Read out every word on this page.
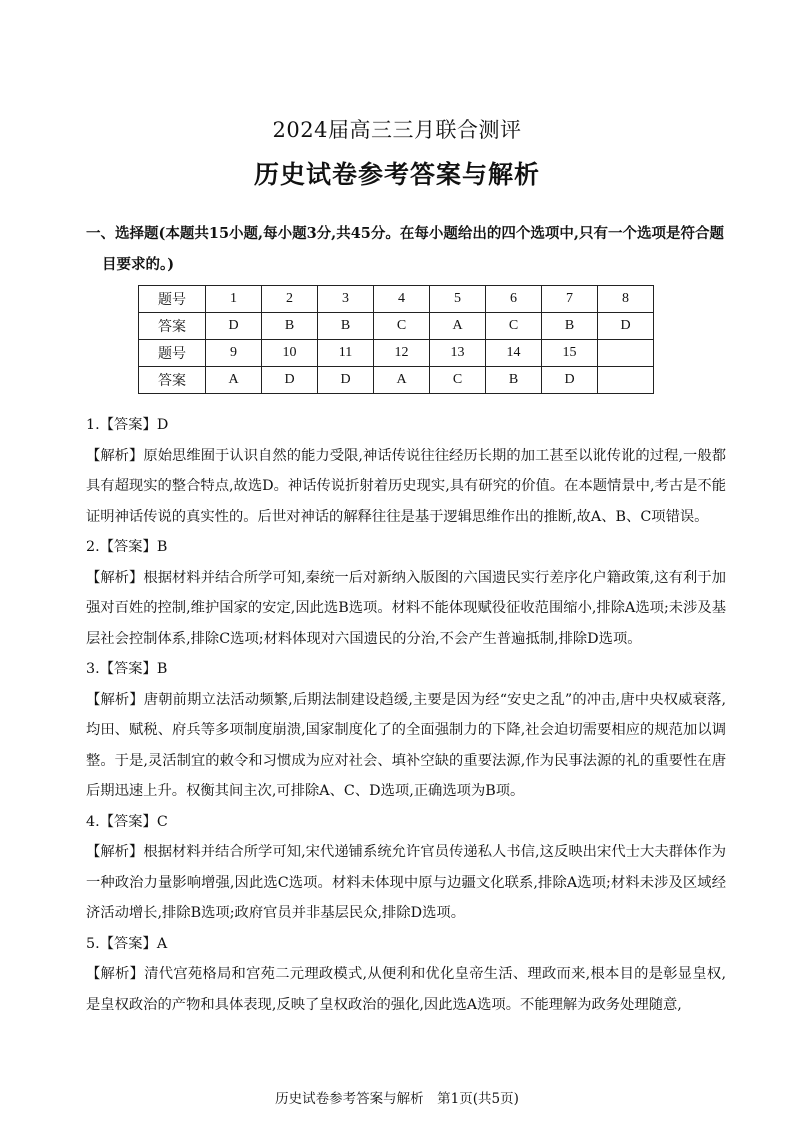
2024届高三三月联合测评
历史试卷参考答案与解析
一、选择题(本题共15小题,每小题3分,共45分。在每小题给出的四个选项中,只有一个选项是符合题
目要求的。)
题号	1	2	3	4	5	6	7	8
答案	D	B	B	C	A	C	B	D
题号	9	10	11	12	13	14	15	
答案	A	D	D	A	C	B	D	

1.【答案】D

【解析】原始思维囿于认识自然的能力受限,神话传说往往经历长期的加工甚至以讹传讹的过程,一般都具有超现实的整合特点,故选D。神话传说折射着历史现实,具有研究的价值。在本题情景中,考古是不能证明神话传说的真实性的。后世对神话的解释往往是基于逻辑思维作出的推断,故A、B、C项错误。

2.【答案】B

【解析】根据材料并结合所学可知,秦统一后对新纳入版图的六国遗民实行差序化户籍政策,这有利于加强对百姓的控制,维护国家的安定,因此选B选项。材料不能体现赋役征收范围缩小,排除A选项;未涉及基层社会控制体系,排除C选项;材料体现对六国遗民的分治,不会产生普遍抵制,排除D选项。

3.【答案】B

【解析】唐朝前期立法活动频繁,后期法制建设趋缓,主要是因为经“安史之乱”的冲击,唐中央权威衰落,均田、赋税、府兵等多项制度崩溃,国家制度化了的全面强制力的下降,社会迫切需要相应的规范加以调整。于是,灵活制宜的敕令和习惯成为应对社会、填补空缺的重要法源,作为民事法源的礼的重要性在唐后期迅速上升。权衡其间主次,可排除A、C、D选项,正确选项为B项。

4.【答案】C

【解析】根据材料并结合所学可知,宋代递铺系统允许官员传递私人书信,这反映出宋代士大夫群体作为一种政治力量影响增强,因此选C选项。材料未体现中原与边疆文化联系,排除A选项;材料未涉及区域经济活动增长,排除B选项;政府官员并非基层民众,排除D选项。

5.【答案】A

【解析】清代宫苑格局和宫苑二元理政模式,从便利和优化皇帝生活、理政而来,根本目的是彰显皇权,是皇权政治的产物和具体表现,反映了皇权政治的强化,因此选A选项。不能理解为政务处理随意,

历史试卷参考答案与解析　第1页(共5页)
